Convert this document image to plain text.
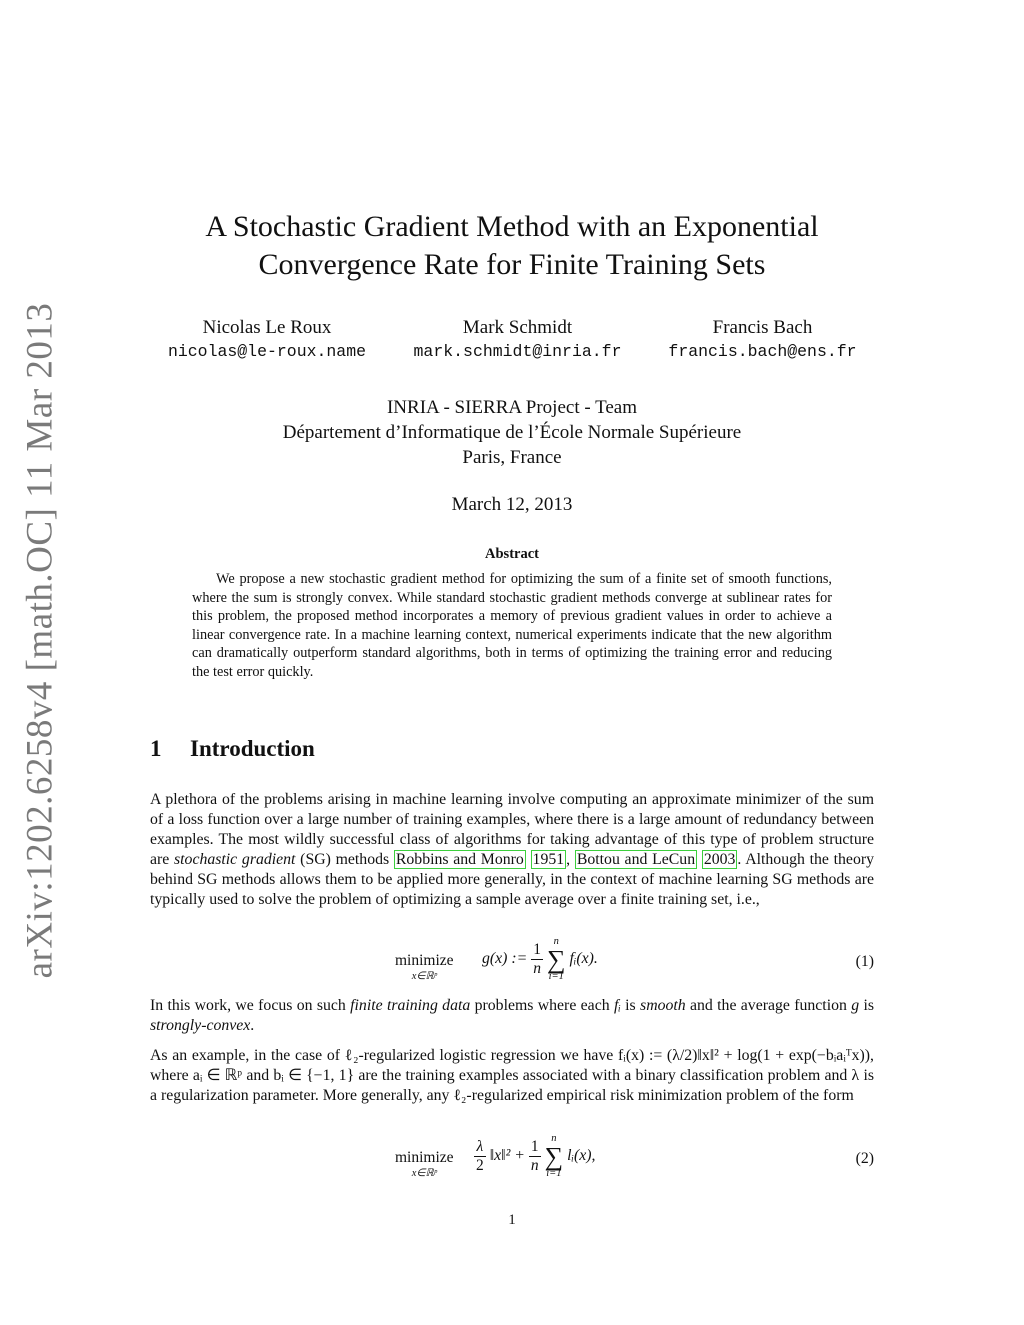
arXiv:1202.6258v4 [math.OC] 11 Mar 2013
A Stochastic Gradient Method with an Exponential
Convergence Rate for Finite Training Sets
Nicolas Le Roux
nicolas@le-roux.name
Mark Schmidt
mark.schmidt@inria.fr
Francis Bach
francis.bach@ens.fr
INRIA - SIERRA Project - Team
Département d’Informatique de l’École Normale Supérieure
Paris, France
March 12, 2013
Abstract

We propose a new stochastic gradient method for optimizing the sum of a finite set of smooth functions, where the sum is strongly convex. While standard stochastic gradient methods converge at sublinear rates for this problem, the proposed method incorporates a memory of previous gradient values in order to achieve a linear convergence rate. In a machine learning context, numerical experiments indicate that the new algorithm can dramatically outperform standard algorithms, both in terms of optimizing the training error and reducing the test error quickly.

1 Introduction

A plethora of the problems arising in machine learning involve computing an approximate minimizer of the sum of a loss function over a large number of training examples, where there is a large amount of redundancy between examples. The most wildly successful class of algorithms for taking advantage of this type of problem structure are stochastic gradient (SG) methods Robbins and Monro 1951 , Bottou and LeCun 2003 . Although the theory behind SG methods allows them to be applied more generally, in the context of machine learning SG methods are typically used to solve the problem of optimizing a sample average over a finite training set, i.e.,

minimize
x∈ℝᵖ
g(x) := $\frac{1}{n}$
	n
∑
i=1
fᵢ(x).	(1)

In this work, we focus on such finite training data problems where each fᵢ is smooth and the average function g is strongly-convex.

As an example, in the case of ℓ₂-regularized logistic regression we have fᵢ(x) := (λ/2)‖x‖² + log(1 + exp(−bᵢaᵢᵀx)), where aᵢ ∈ ℝᵖ and bᵢ ∈ {−1, 1} are the training examples associated with a binary classification problem and λ is a regularization parameter. More generally, any ℓ₂-regularized empirical risk minimization problem of the form

minimize
x∈ℝᵖ	$\frac{\lambda}{2}$ ‖x‖² + $\frac{1}{n}$
	n
∑
i=1
lᵢ(x),	(2)
1
